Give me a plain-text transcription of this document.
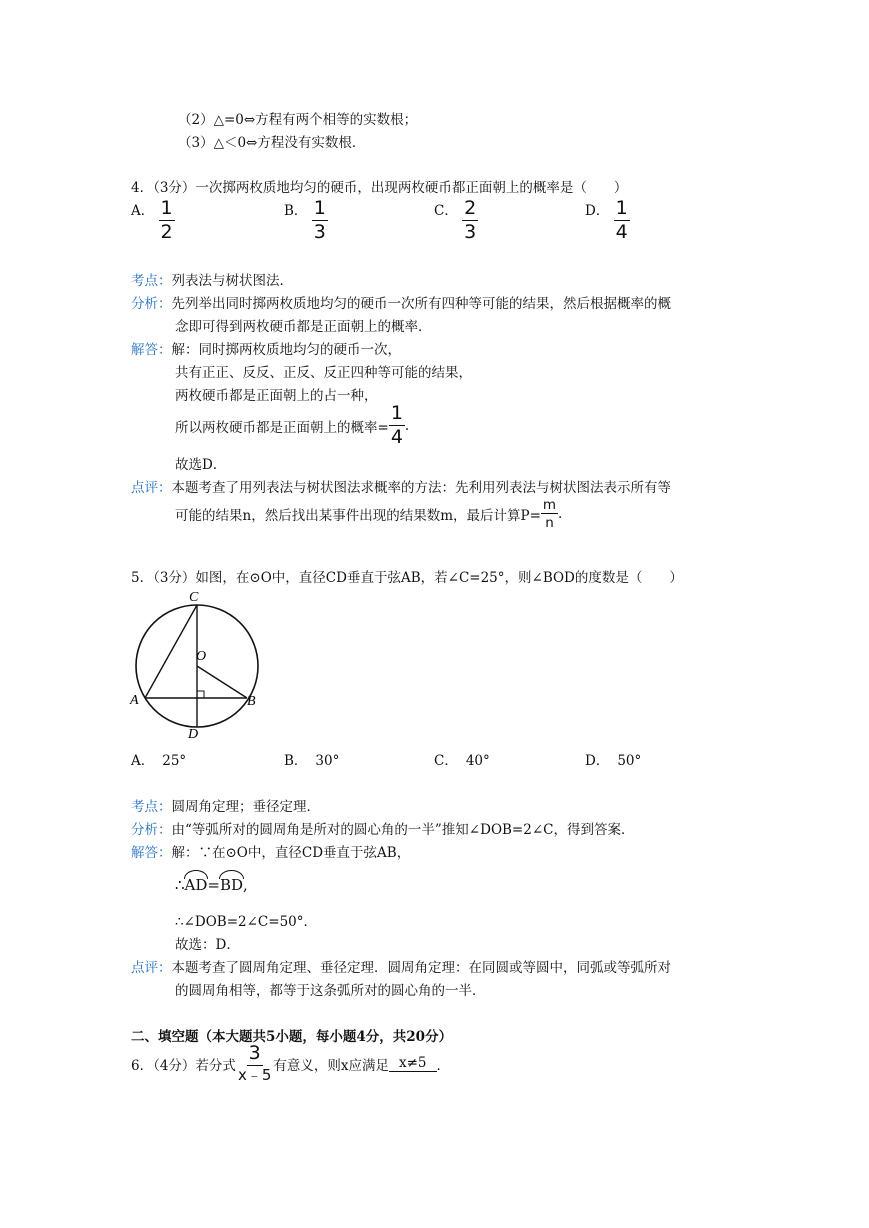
（2）△=0⇔方程有两个相等的实数根；
（3）△＜0⇔方程没有实数根．
4．（3分）一次掷两枚质地均匀的硬币，出现两枚硬币都正面朝上的概率是（　　）
A． $\frac{1}{2}$	B． $\frac{1}{3}$	C． $\frac{2}{3}$	D． $\frac{1}{4}$
考点：列表法与树状图法．
分析：先列举出同时掷两枚质地均匀的硬币一次所有四种等可能的结果，然后根据概率的概
念即可得到两枚硬币都是正面朝上的概率．
解答：解：同时掷两枚质地均匀的硬币一次，
共有正正、反反、正反、反正四种等可能的结果，
两枚硬币都是正面朝上的占一种，
所以两枚硬币都是正面朝上的概率= $\frac{1}{4}$ .
故选D．
点评：本题考查了用列表法与树状图法求概率的方法：先利用列表法与树状图法表示所有等
可能的结果n，然后找出某事件出现的结果数m，最后计算$P= \frac{m}{n}$ .
5．（3分）如图，在⊙O中，直径CD垂直于弦AB，若∠C=25°，则∠BOD的度数是（　　）
C
O
A	B
D
A． 25°	B． 30°	C． 40°	D． 50°
考点：圆周角定理；垂径定理．
分析：由“等弧所对的圆周角是所对的圆心角的一半”推知∠DOB=2∠C，得到答案．
解答：解：∵在⊙O中，直径CD垂直于弦AB，
∴AD=BD,
∴∠DOB=2∠C=50°．
故选：D．
点评：本题考查了圆周角定理、垂径定理．圆周角定理：在同圆或等圆中，同弧或等弧所对
的圆周角相等，都等于这条弧所对的圆心角的一半．
二、填空题（本大题共5小题，每小题4分，共20分）
6．（4分）若分式 $\frac{3}{x﹣5}$ 有意义，则x应满足 x≠5 ．
